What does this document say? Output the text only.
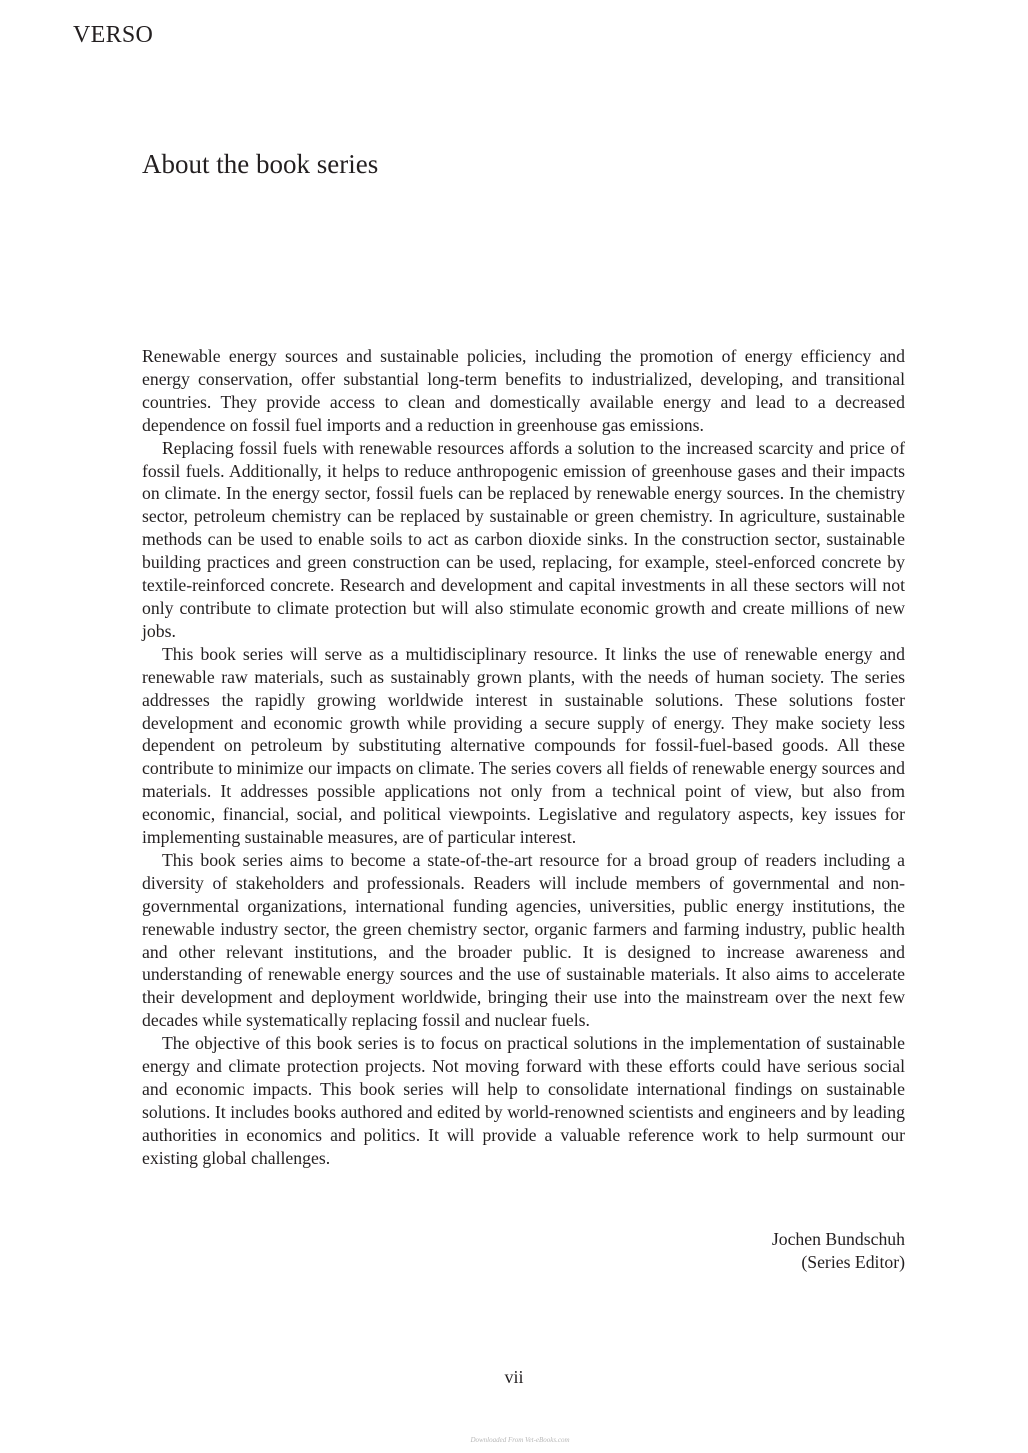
VERSO
About the book series

Renewable energy sources and sustainable policies, including the promotion of energy efficiency and energy conservation, offer substantial long-term benefits to industrialized, developing, and transitional countries. They provide access to clean and domestically available energy and lead to a decreased dependence on fossil fuel imports and a reduction in greenhouse gas emissions.

Replacing fossil fuels with renewable resources affords a solution to the increased scarcity and price of fossil fuels. Additionally, it helps to reduce anthropogenic emission of greenhouse gases and their impacts on climate. In the energy sector, fossil fuels can be replaced by renewable energy sources. In the chemistry sector, petroleum chemistry can be replaced by sustainable or green chemistry. In agriculture, sustainable methods can be used to enable soils to act as carbon dioxide sinks. In the construction sector, sustainable building practices and green construction can be used, replacing, for example, steel-enforced concrete by textile-reinforced concrete. Research and development and capital investments in all these sectors will not only contribute to climate protection but will also stimulate economic growth and create millions of new jobs.

This book series will serve as a multidisciplinary resource. It links the use of renewable energy and renewable raw materials, such as sustainably grown plants, with the needs of human society. The series addresses the rapidly growing worldwide interest in sustainable solutions. These solutions foster development and economic growth while providing a secure supply of energy. They make society less dependent on petroleum by substituting alternative compounds for fossil-fuel-based goods. All these contribute to minimize our impacts on climate. The series covers all fields of renewable energy sources and materials. It addresses possible applications not only from a technical point of view, but also from economic, financial, social, and political viewpoints. Legislative and regulatory aspects, key issues for implementing sustainable measures, are of particular interest.

This book series aims to become a state-of-the-art resource for a broad group of readers including a diversity of stakeholders and professionals. Readers will include members of governmental and non-governmental organizations, international funding agencies, universities, public energy institutions, the renewable industry sector, the green chemistry sector, organic farmers and farming industry, public health and other relevant institutions, and the broader public. It is designed to increase awareness and understanding of renewable energy sources and the use of sustainable materials. It also aims to accelerate their development and deployment worldwide, bringing their use into the mainstream over the next few decades while systematically replacing fossil and nuclear fuels.

The objective of this book series is to focus on practical solutions in the implementation of sustainable energy and climate protection projects. Not moving forward with these efforts could have serious social and economic impacts. This book series will help to consolidate international findings on sustainable solutions. It includes books authored and edited by world-renowned scientists and engineers and by leading authorities in economics and politics. It will provide a valuable reference work to help surmount our existing global challenges.

Jochen Bundschuh
(Series Editor)
vii
Downloaded From Vet-eBooks.com
